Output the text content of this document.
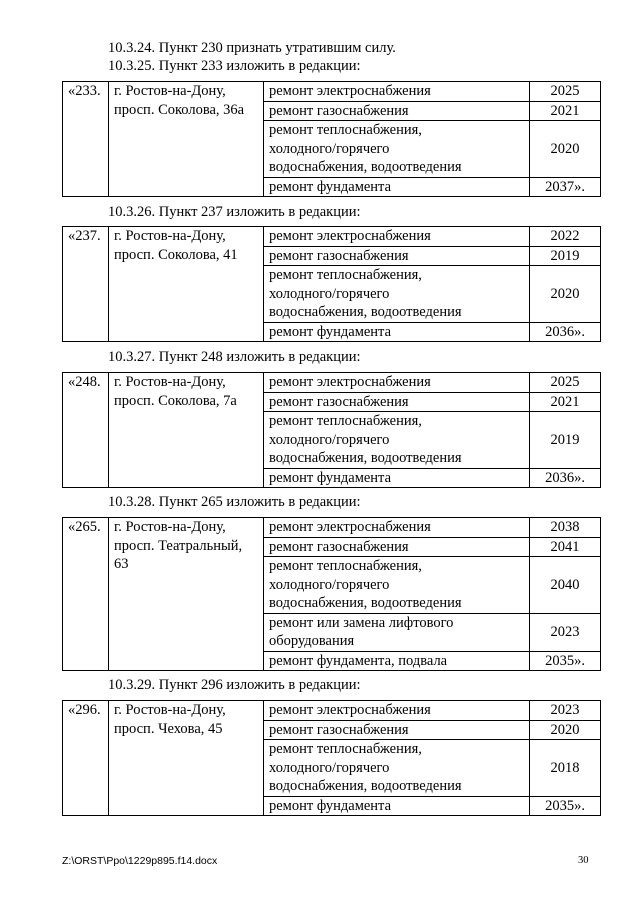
10.3.24. Пункт 230 признать утратившим силу.
10.3.25. Пункт 233 изложить в редакции:
«233.	г. Ростов-на-Дону,
просп. Соколова, 36а	ремонт электроснабжения	2025
		ремонт газоснабжения	2021

		ремонт теплоснабжения,
холодного/горячего
водоснабжения, водоотведения	2020
		ремонт фундамента	2037».
10.3.26. Пункт 237 изложить в редакции:
«237.	г. Ростов-на-Дону,
просп. Соколова, 41	ремонт электроснабжения	2022
		ремонт газоснабжения	2019

		ремонт теплоснабжения,
холодного/горячего
водоснабжения, водоотведения	2020
		ремонт фундамента	2036».
10.3.27. Пункт 248 изложить в редакции:
«248.	г. Ростов-на-Дону,
просп. Соколова, 7а	ремонт электроснабжения	2025
		ремонт газоснабжения	2021

		ремонт теплоснабжения,
холодного/горячего
водоснабжения, водоотведения	2019
		ремонт фундамента	2036».
10.3.28. Пункт 265 изложить в редакции:
«265.	г. Ростов-на-Дону,
просп. Театральный,
63	ремонт электроснабжения	2038
		ремонт газоснабжения	2041

		ремонт теплоснабжения,
холодного/горячего
водоснабжения, водоотведения	2040

		ремонт или замена лифтового
оборудования	2023
		ремонт фундамента, подвала	2035».
10.3.29. Пункт 296 изложить в редакции:
«296.	г. Ростов-на-Дону,
просп. Чехова, 45	ремонт электроснабжения	2023
		ремонт газоснабжения	2020

		ремонт теплоснабжения,
холодного/горячего
водоснабжения, водоотведения	2018
		ремонт фундамента	2035».
Z:\ORST\Ppo\1229p895.f14.docx	30
